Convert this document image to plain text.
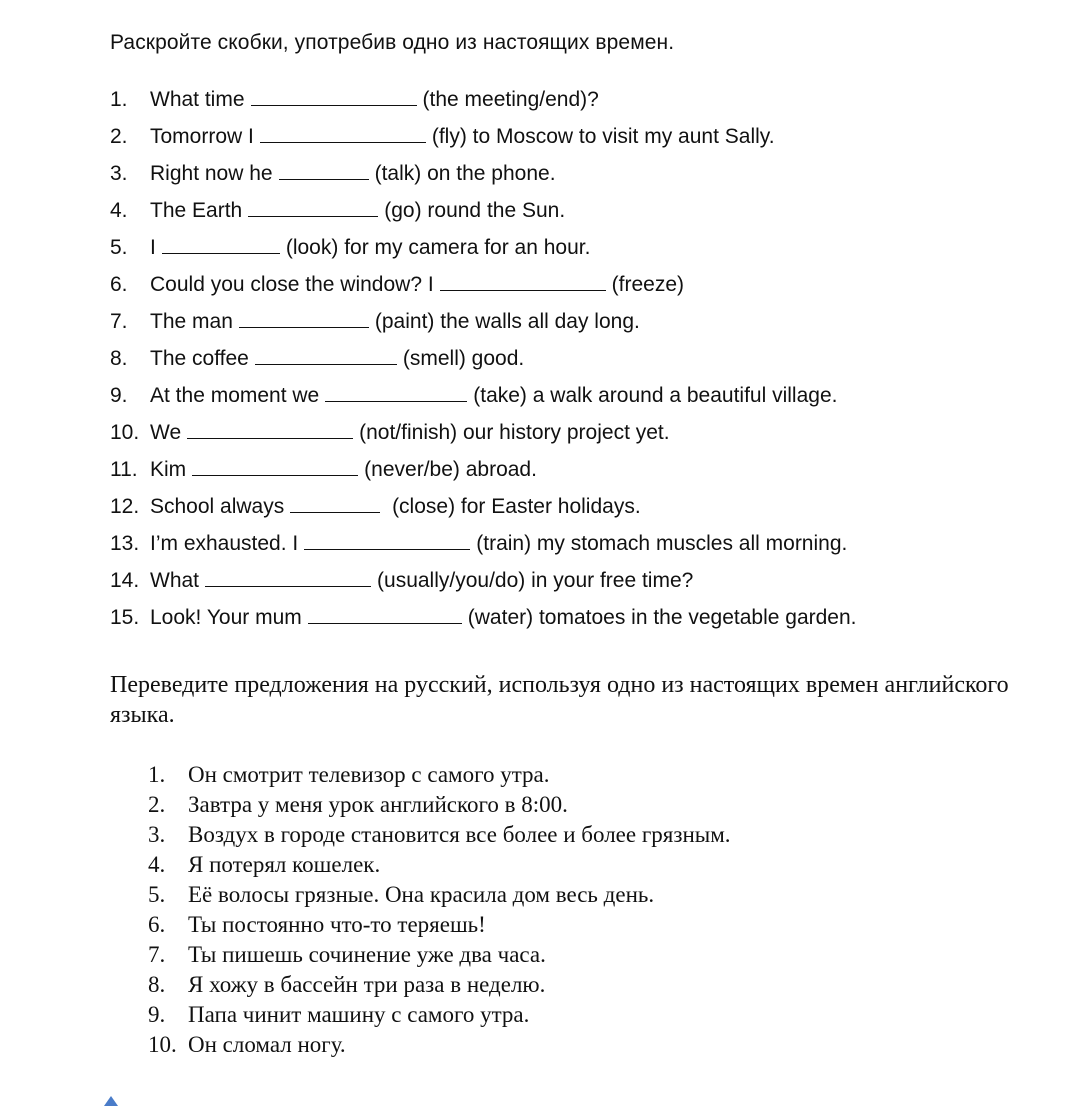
Раскройте скобки, употребив одно из настоящих времен.
1.	What time	(the meeting/end)?
2.	Tomorrow I	(fly) to Moscow to visit my aunt Sally.
3.	Right now he	(talk) on the phone.
4.	The Earth	(go) round the Sun.
5.	I	(look) for my camera for an hour.
6.	Could you close the window? I	(freeze)
7.	The man	(paint) the walls all day long.
8.	The coffee	(smell) good.
9.	At the moment we	(take) a walk around a beautiful village.
10. We	(not/finish) our history project yet.
11. Kim	(never/be) abroad.
12. School always	(close) for Easter holidays.
13. I’m exhausted. I	(train) my stomach muscles all morning.
14. What	(usually/you/do) in your free time?
15. Look! Your mum	(water) tomatoes in the vegetable garden.
Переведите предложения на русский, используя одно из настоящих времен английского языка.
1. Он смотрит телевизор с самого утра.
2. Завтра у меня урок английского в 8:00.
3. Воздух в городе становится все более и более грязным.
4. Я потерял кошелек.
5. Её волосы грязные. Она красила дом весь день.
6. Ты постоянно что-то теряешь!
7. Ты пишешь сочинение уже два часа.
8. Я хожу в бассейн три раза в неделю.
9. Папа чинит машину с самого утра.
10. Он сломал ногу.
